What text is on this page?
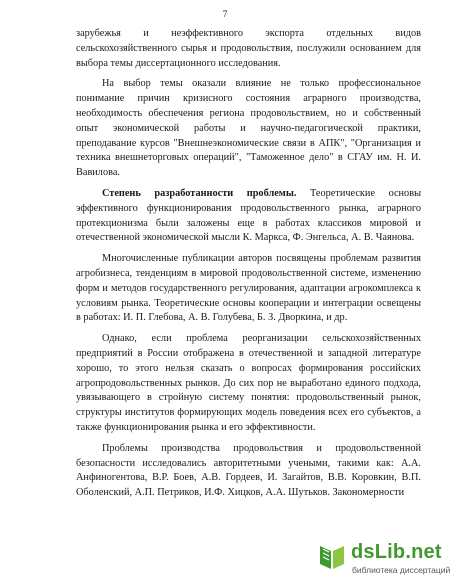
7

зарубежья и неэффективного экспорта отдельных видов сельскохозяйственного сырья и продовольствия, послужили основанием для выбора темы диссертационного исследования.

На выбор темы оказали влияние не только профессиональное понимание причин кризисного состояния аграрного производства, необходимость обеспечения региона продовольствием, но и собственный опыт экономической работы и научно-педагогической практики, преподавание курсов "Внешнеэкономические связи в АПК", "Организация и техника внешнеторговых операций", "Таможенное дело" в СГАУ им. Н. И. Вавилова.

Степень разработанности проблемы. Теоретические основы эффективного функционирования продовольственного рынка, аграрного протекционизма были заложены еще в работах классиков мировой и отечественной экономической мысли К. Маркса, Ф. Энгельса, А. В. Чаянова.

Многочисленные публикации авторов посвящены проблемам развития агробизнеса, тенденциям в мировой продовольственной системе, изменению форм и методов государственного регулирования, адаптации агрокомплекса к условиям рынка. Теоретические основы кооперации и интеграции освещены в работах: И. П. Глебова, А. В. Голубева, Б. З. Дворкина, и др.

Однако, если проблема реорганизации сельскохозяйственных предприятий в России отображена в отечественной и западной литературе хорошо, то этого нельзя сказать о вопросах формирования российских агропродовольственных рынков. До сих пор не выработано единого подхода, увязывающего в стройную систему понятия: продовольственный рынок, структуры институтов формирующих модель поведения всех его субъектов, а также функционирования рынка и его эффективности.

Проблемы производства продовольствия и продовольственной безопасности исследовались авторитетными учеными, такими как: А.А. Анфиногентова, В.Р. Боев, А.В. Гордеев, И. Загайтов, В.В. Коровкин, В.П. Оболенский, А.П. Петриков, И.Ф. Хицков, А.А. Шутьков. Закономерности

dsLib.net
библиотека диссертаций
